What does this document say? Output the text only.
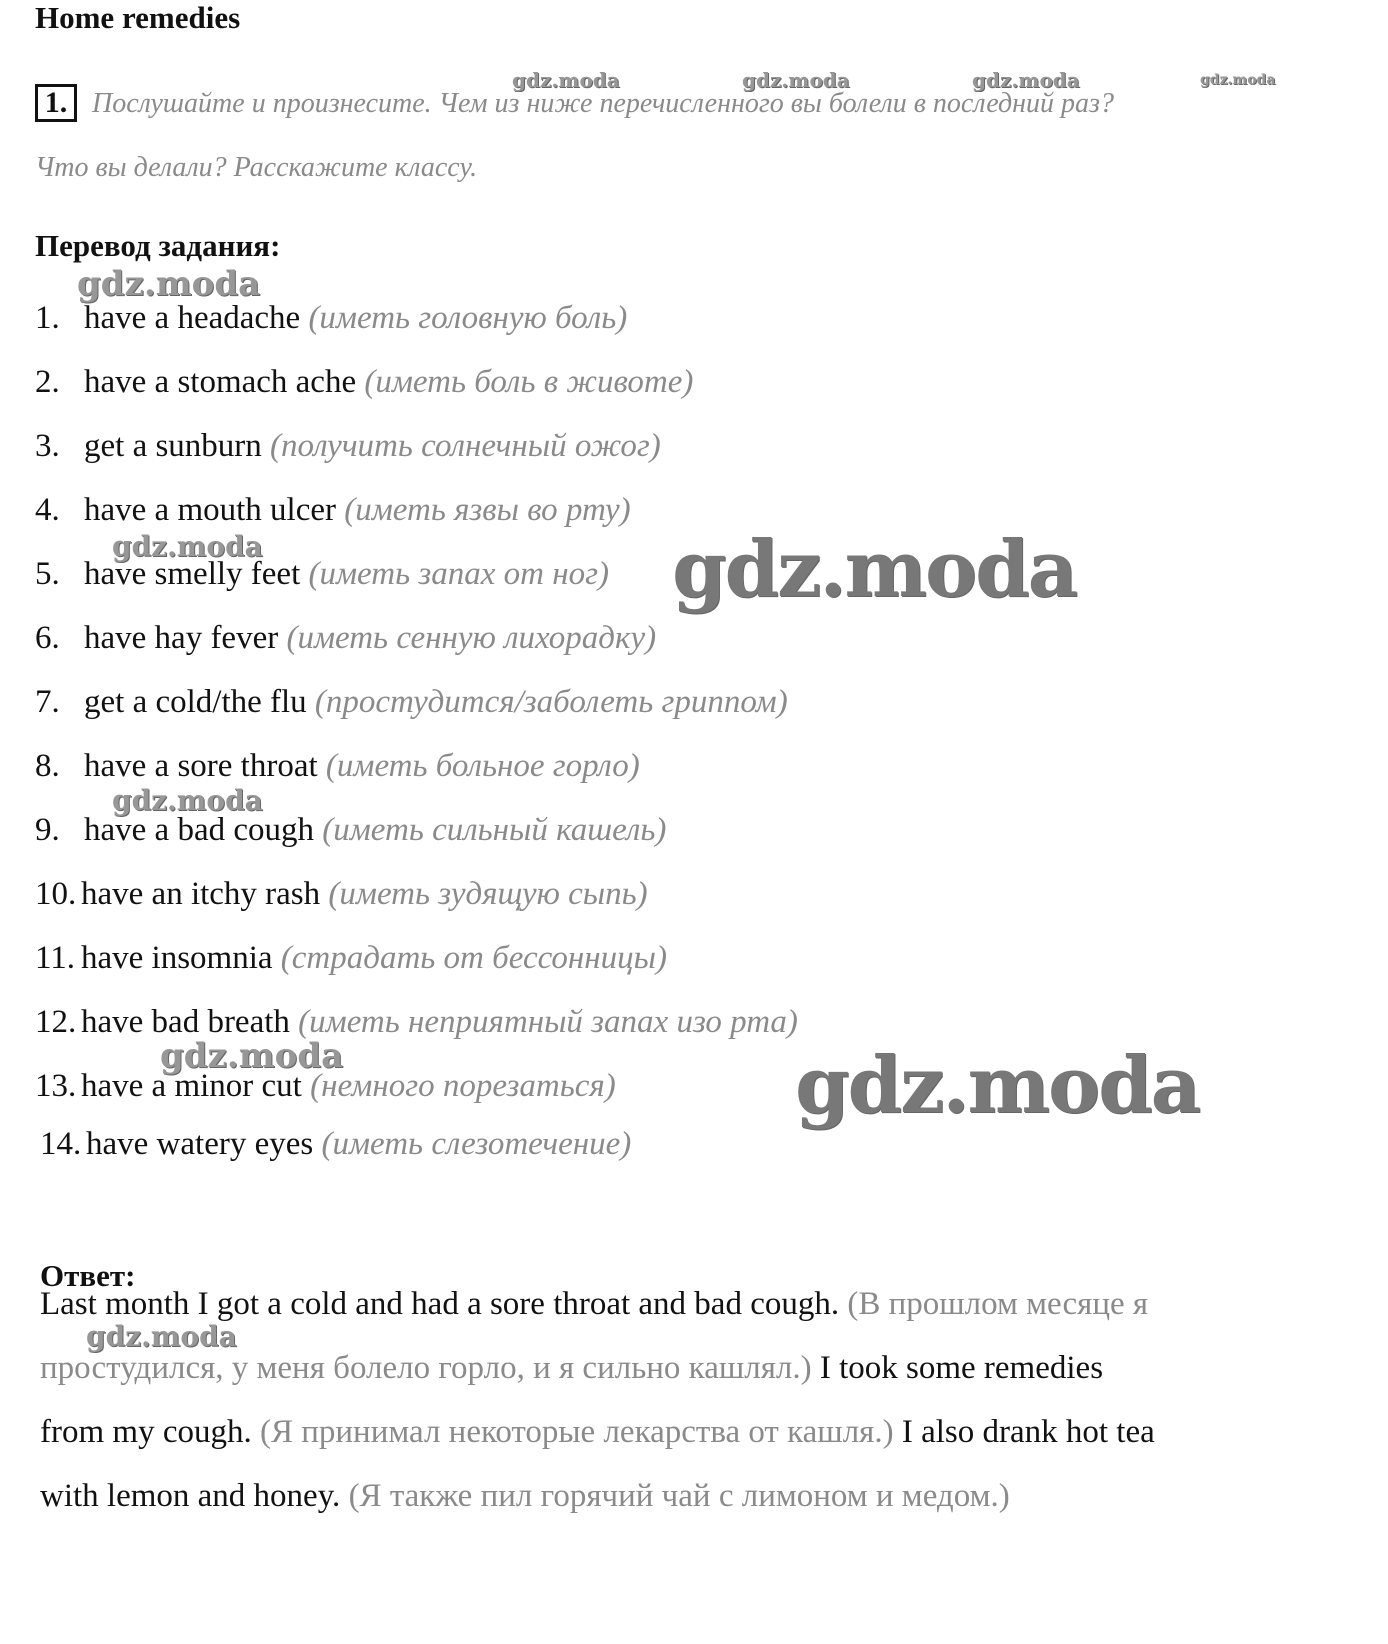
Home remedies
1. Послушайте и произнесите. Чем из ниже перечисленного вы болели в последний раз?
Что вы делали? Расскажите классу.
Перевод задания:
1. have a headache (иметь головную боль)
2. have a stomach ache (иметь боль в животе)
3. get a sunburn (получить солнечный ожог)
4. have a mouth ulcer (иметь язвы во рту)
5. have smelly feet (иметь запах от ног)
6. have hay fever (иметь сенную лихорадку)
7. get a cold/the flu (простудится/заболеть гриппом)
8. have a sore throat (иметь больное горло)
9. have a bad cough (иметь сильный кашель)
10. have an itchy rash (иметь зудящую сыпь)
11. have insomnia (страдать от бессонницы)
12. have bad breath (иметь неприятный запах изо рта)
13. have a minor cut (немного порезаться)
14. have watery eyes (иметь слезотечение)
Ответ:
Last month I got a cold and had a sore throat and bad cough. (В прошлом месяце я
простудился, у меня болело горло, и я сильно кашлял.) I took some remedies
from my cough. (Я принимал некоторые лекарства от кашля.) I also drank hot tea
with lemon and honey. (Я также пил горячий чай с лимоном и медом.)
gdz.moda	gdz.moda	gdz.moda	gdz.moda
gdz.moda
gdz.moda	gdz.moda
gdz.moda
gdz.moda	gdz.moda
gdz.moda
